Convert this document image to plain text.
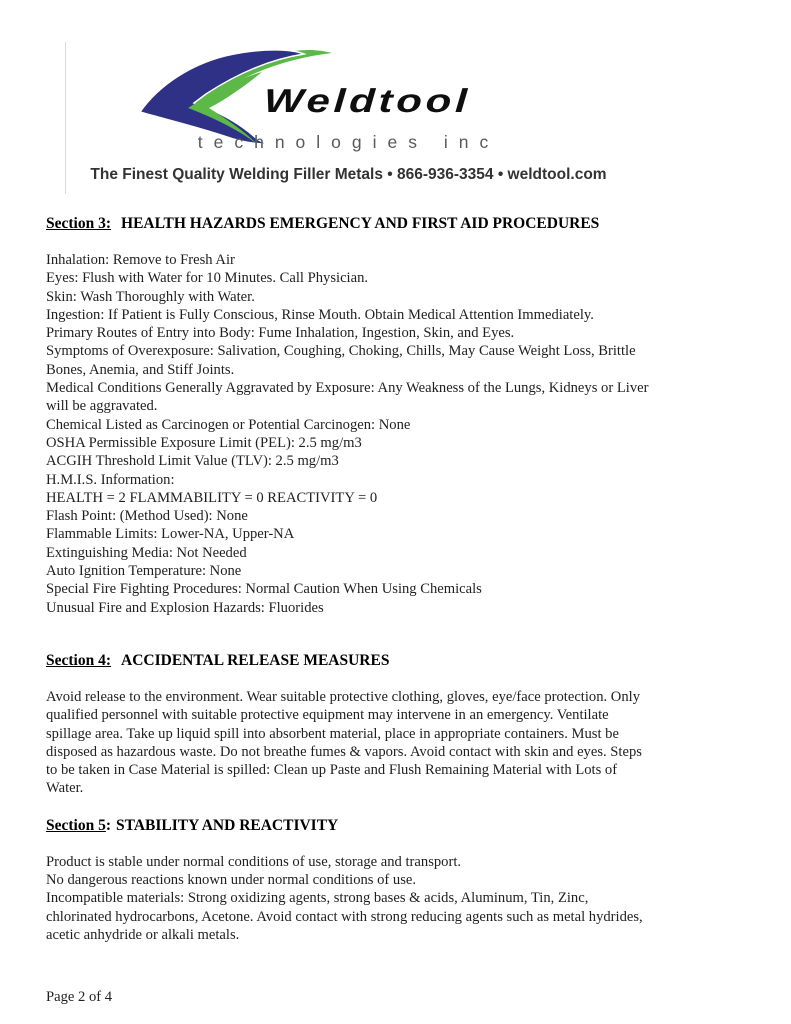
Weldtool
technologies inc
The Finest Quality Welding Filler Metals • 866-936-3354 • weldtool.com
Section 3: HEALTH HAZARDS EMERGENCY AND FIRST AID PROCEDURES
Inhalation: Remove to Fresh Air
Eyes: Flush with Water for 10 Minutes. Call Physician.
Skin: Wash Thoroughly with Water.
Ingestion: If Patient is Fully Conscious, Rinse Mouth. Obtain Medical Attention Immediately.
Primary Routes of Entry into Body: Fume Inhalation, Ingestion, Skin, and Eyes.
Symptoms of Overexposure: Salivation, Coughing, Choking, Chills, May Cause Weight Loss, Brittle Bones, Anemia, and Stiff Joints.
Medical Conditions Generally Aggravated by Exposure: Any Weakness of the Lungs, Kidneys or Liver will be aggravated.
Chemical Listed as Carcinogen or Potential Carcinogen: None
OSHA Permissible Exposure Limit (PEL): 2.5 mg/m3
ACGIH Threshold Limit Value (TLV): 2.5 mg/m3
H.M.I.S. Information:
HEALTH = 2 FLAMMABILITY = 0 REACTIVITY = 0
Flash Point: (Method Used): None
Flammable Limits: Lower-NA, Upper-NA
Extinguishing Media: Not Needed
Auto Ignition Temperature: None
Special Fire Fighting Procedures: Normal Caution When Using Chemicals
Unusual Fire and Explosion Hazards: Fluorides
Section 4: ACCIDENTAL RELEASE MEASURES
Avoid release to the environment. Wear suitable protective clothing, gloves, eye/face protection. Only qualified personnel with suitable protective equipment may intervene in an emergency. Ventilate spillage area. Take up liquid spill into absorbent material, place in appropriate containers. Must be disposed as hazardous waste. Do not breathe fumes & vapors. Avoid contact with skin and eyes. Steps to be taken in Case Material is spilled: Clean up Paste and Flush Remaining Material with Lots of Water.
Section 5: STABILITY AND REACTIVITY
Product is stable under normal conditions of use, storage and transport.
No dangerous reactions known under normal conditions of use.
Incompatible materials: Strong oxidizing agents, strong bases & acids, Aluminum, Tin, Zinc, chlorinated hydrocarbons, Acetone. Avoid contact with strong reducing agents such as metal hydrides, acetic anhydride or alkali metals.
Page 2 of 4
